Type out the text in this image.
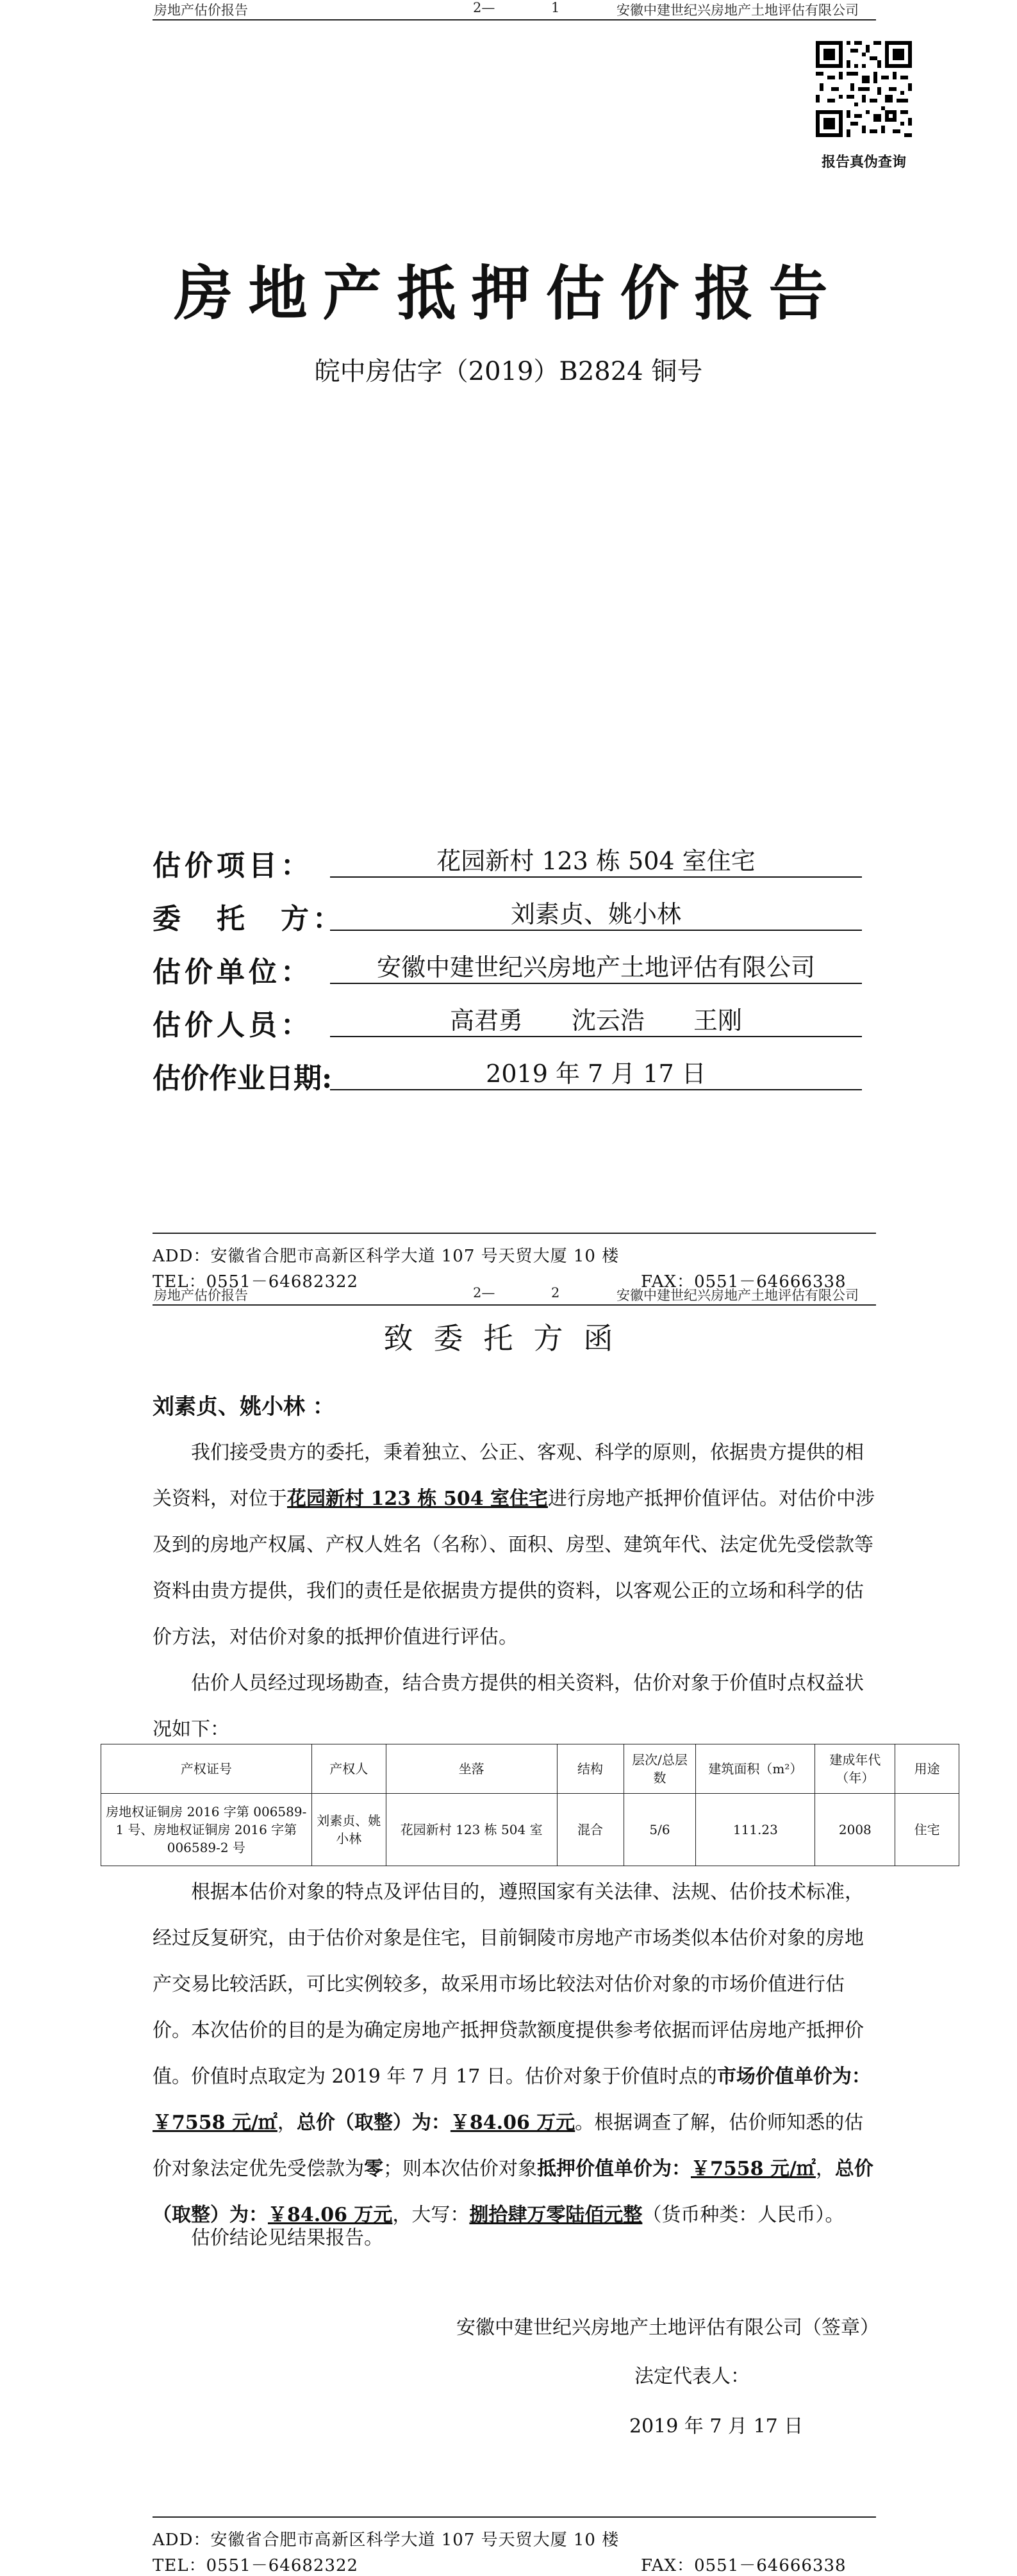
房地产估价报告	2—	1	安徽中建世纪兴房地产土地评估有限公司
报告真伪查询
房地产抵押估价报告
皖中房估字（2019）B2824 铜号
估价项目：	花园新村 123 栋 504 室住宅
委　托　方：	刘素贞、姚小林
估价单位：	安徽中建世纪兴房地产土地评估有限公司
估价人员：	高君勇　　沈云浩　　王刚
估价作业日期:	2019 年 7 月 17 日
ADD：安徽省合肥市高新区科学大道 107 号天贸大厦 10 楼
TEL：0551－64682322	FAX：0551－64666338
房地产估价报告	2—	2	安徽中建世纪兴房地产土地评估有限公司
致委托方函
刘素贞、姚小林 ：
我们接受贵方的委托，秉着独立、公正、客观、科学的原则，依据贵方提供的相关资料，对位于花园新村 123 栋 504 室住宅进行房地产抵押价值评估。对估价中涉及到的房地产权属、产权人姓名（名称）、面积、房型、建筑年代、法定优先受偿款等资料由贵方提供，我们的责任是依据贵方提供的资料，以客观公正的立场和科学的估价方法，对估价对象的抵押价值进行评估。
估价人员经过现场勘查，结合贵方提供的相关资料，估价对象于价值时点权益状况如下：
产权证号	产权人	坐落	结构	层次/总层数	建筑面积（m²）	建成年代（年）	用途
房地权证铜房 2016 字第 006589-1 号、房地权证铜房 2016 字第 006589-2 号	刘素贞、姚小林	花园新村 123 栋 504 室	混合	5/6	111.23	2008	住宅
根据本估价对象的特点及评估目的，遵照国家有关法律、法规、估价技术标准，经过反复研究，由于估价对象是住宅，目前铜陵市房地产市场类似本估价对象的房地产交易比较活跃，可比实例较多，故采用市场比较法对估价对象的市场价值进行估价。 本次估价的目的是为确定房地产抵押贷款额度提供参考依据而评估房地产抵押价值。价值时点取定为 2019 年 7 月 17 日。估价对象于价值时点的市场价值单价为：￥7558 元/㎡，总价（取整）为：￥84.06 万元。根据调查了解，估价师知悉的估价对象法定优先受偿款为零；则本次估价对象抵押价值单价为：￥7558 元/㎡，总价（取整）为：￥84.06 万元，大写：捌拾肆万零陆佰元整（货币种类：人民币）。
估价结论见结果报告。
安徽中建世纪兴房地产土地评估有限公司（签章）
法定代表人：
2019 年 7 月 17 日
ADD：安徽省合肥市高新区科学大道 107 号天贸大厦 10 楼
TEL：0551－64682322	FAX：0551－64666338
